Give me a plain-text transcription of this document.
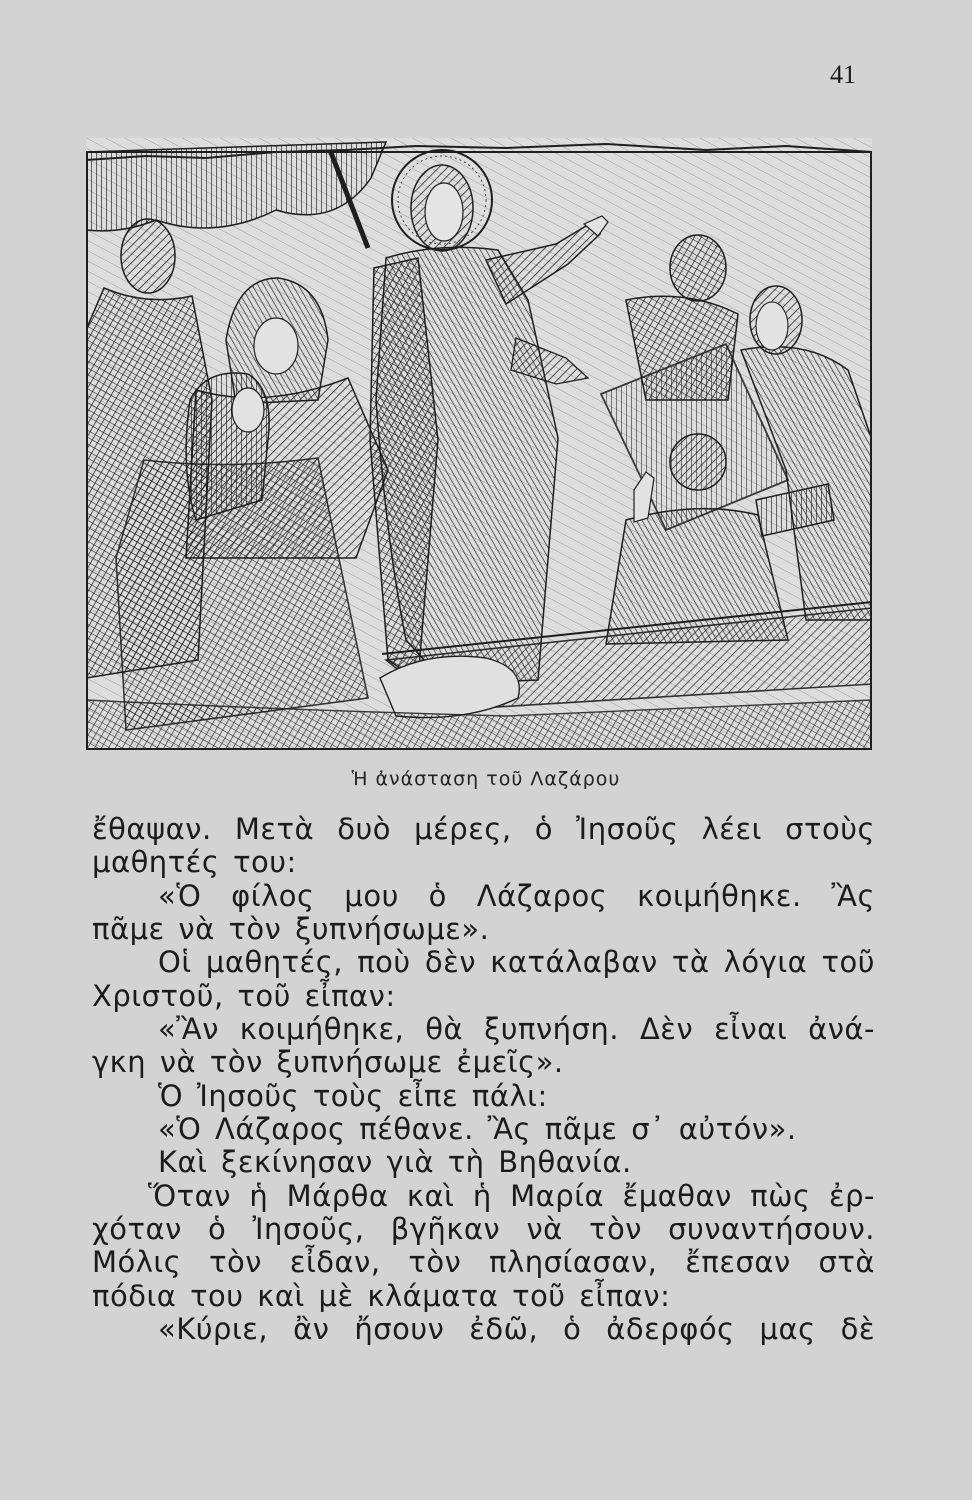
41
Ἡ ἀνάσταση τοῦ Λαζάρου
ἔθαψαν. Μετὰ δυὸ μέρες, ὁ Ἰησοῦς λέει στοὺς
μαθητές του:
«Ὁ φίλος μου ὁ Λάζαρος κοιμήθηκε. Ἂς
πᾶμε νὰ τὸν ξυπνήσωμε».
Οἱ μαθητές, ποὺ δὲν κατάλαβαν τὰ λόγια τοῦ
Χριστοῦ, τοῦ εἶπαν:
«Ἂν κοιμήθηκε, θὰ ξυπνήση. Δὲν εἶναι ἀνά-
γκη νὰ τὸν ξυπνήσωμε ἐμεῖς».
Ὁ Ἰησοῦς τοὺς εἶπε πάλι:
«Ὁ Λάζαρος πέθανε. Ἂς πᾶμε σ᾽ αὐτόν».
Καὶ ξεκίνησαν γιὰ τὴ Βηθανία.
Ὅταν ἡ Μάρθα καὶ ἡ Μαρία ἔμαθαν πὼς ἐρ-
χόταν ὁ Ἰησοῦς, βγῆκαν νὰ τὸν συναντήσουν.
Μόλις τὸν εἶδαν, τὸν πλησίασαν, ἔπεσαν στὰ
πόδια του καὶ μὲ κλάματα τοῦ εἶπαν:
«Κύριε, ἂν ἤσουν ἐδῶ, ὁ ἀδερφός μας δὲ
